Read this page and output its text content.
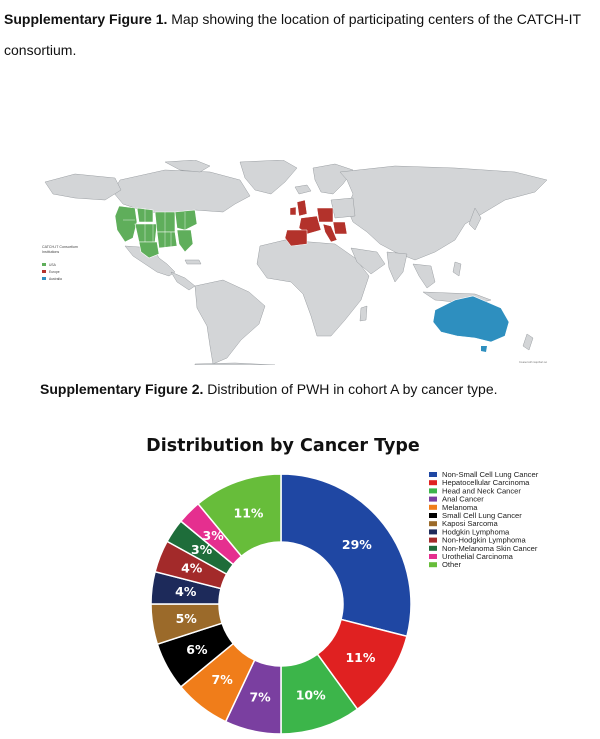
Supplementary Figure 1. Map showing the location of participating centers of the CATCH-IT consortium.
CATCH-IT Consortium
Institutions
USA
Europe
Australia
Created with mapchart.net
Supplementary Figure 2. Distribution of PWH in cohort A by cancer type.
Distribution by Cancer Type
29%
11%
10%
7%
7%
6%
5%
4%
4%
3%
3%
11%
Non-Small Cell Lung Cancer
Hepatocellular Carcinoma
Head and Neck Cancer
Anal Cancer
Melanoma
Small Cell Lung Cancer
Kaposi Sarcoma
Hodgkin Lymphoma
Non-Hodgkin Lymphoma
Non-Melanoma Skin Cancer
Urothelial Carcinoma
Other
